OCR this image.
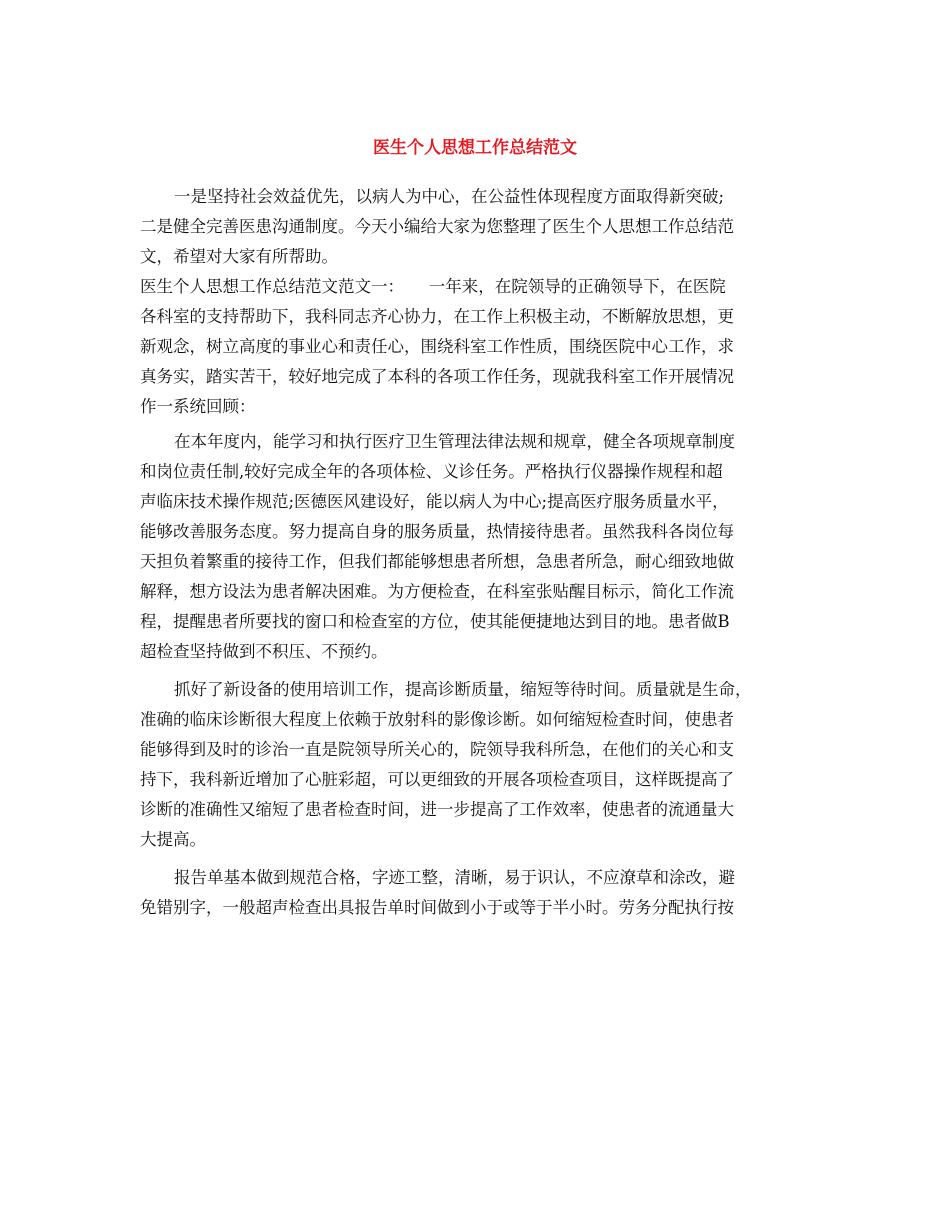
医生个人思想工作总结范文
一是坚持社会效益优先，以病人为中心，在公益性体现程度方面取得新突破;
二是健全完善医患沟通制度。今天小编给大家为您整理了医生个人思想工作总结范
文，希望对大家有所帮助。
医生个人思想工作总结范文范文一：　　一年来，在院领导的正确领导下，在医院
各科室的支持帮助下，我科同志齐心协力，在工作上积极主动，不断解放思想，更
新观念，树立高度的事业心和责任心，围绕科室工作性质，围绕医院中心工作，求
真务实，踏实苦干，较好地完成了本科的各项工作任务，现就我科室工作开展情况
作一系统回顾：
在本年度内，能学习和执行医疗卫生管理法律法规和规章，健全各项规章制度
和岗位责任制,较好完成全年的各项体检、义诊任务。严格执行仪器操作规程和超
声临床技术操作规范;医德医风建设好，能以病人为中心;提高医疗服务质量水平，
能够改善服务态度。努力提高自身的服务质量，热情接待患者。虽然我科各岗位每
天担负着繁重的接待工作，但我们都能够想患者所想，急患者所急，耐心细致地做
解释，想方设法为患者解决困难。为方便检查，在科室张贴醒目标示，简化工作流
程，提醒患者所要找的窗口和检查室的方位，使其能便捷地达到目的地。患者做B
超检查坚持做到不积压、不预约。
抓好了新设备的使用培训工作，提高诊断质量，缩短等待时间。质量就是生命，
准确的临床诊断很大程度上依赖于放射科的影像诊断。如何缩短检查时间，使患者
能够得到及时的诊治一直是院领导所关心的，院领导我科所急，在他们的关心和支
持下，我科新近增加了心脏彩超，可以更细致的开展各项检查项目，这样既提高了
诊断的准确性又缩短了患者检查时间，进一步提高了工作效率，使患者的流通量大
大提高。
报告单基本做到规范合格，字迹工整，清晰，易于识认，不应潦草和涂改，避
免错别字，一般超声检查出具报告单时间做到小于或等于半小时。劳务分配执行按
